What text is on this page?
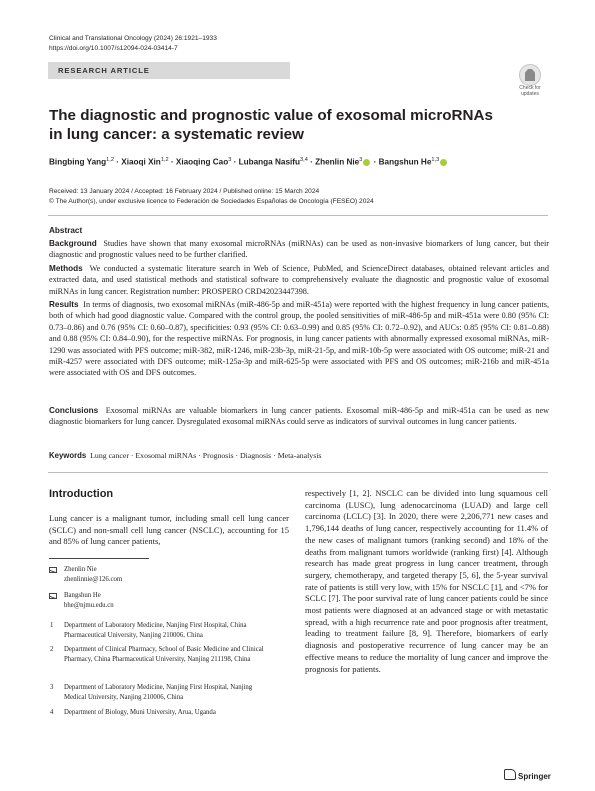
Clinical and Translational Oncology (2024) 26:1921–1933
https://doi.org/10.1007/s12094-024-03414-7
RESEARCH ARTICLE
Check for updates
The diagnostic and prognostic value of exosomal microRNAs in lung cancer: a systematic review
Bingbing Yang$^{1,2}$ · Xiaoqi Xin$^{1,2}$ · Xiaoqing Cao$^3$ · Lubanga Nasifu$^{3,4}$ · Zhenlin Nie$^3$ · Bangshun He$^{1,3}$
Received: 13 January 2024 / Accepted: 16 February 2024 / Published online: 15 March 2024
© The Author(s), under exclusive licence to Federación de Sociedades Españolas de Oncología (FESEO) 2024
Abstract
Background Studies have shown that many exosomal microRNAs (miRNAs) can be used as non-invasive biomarkers of lung cancer, but their diagnostic and prognostic values need to be further clarified.
Methods We conducted a systematic literature search in Web of Science, PubMed, and ScienceDirect databases, obtained relevant articles and extracted data, and used statistical methods and statistical software to comprehensively evaluate the diagnostic and prognostic value of exosomal miRNAs in lung cancer. Registration number: PROSPERO CRD42023447398.
Results In terms of diagnosis, two exosomal miRNAs (miR-486-5p and miR-451a) were reported with the highest frequency in lung cancer patients, both of which had good diagnostic value. Compared with the control group, the pooled sensitivities of miR-486-5p and miR-451a were 0.80 (95% CI: 0.73–0.86) and 0.76 (95% CI: 0.60–0.87), specificities: 0.93 (95% CI: 0.63–0.99) and 0.85 (95% CI: 0.72–0.92), and AUCs: 0.85 (95% CI: 0.81–0.88) and 0.88 (95% CI: 0.84–0.90), for the respective miRNAs. For prognosis, in lung cancer patients with abnormally expressed exosomal miRNAs, miR-1290 was associated with PFS outcome; miR-382, miR-1246, miR-23b-3p, miR-21-5p, and miR-10b-5p were associated with OS outcome; miR-21 and miR-4257 were associated with DFS outcome; miR-125a-3p and miR-625-5p were associated with PFS and OS outcomes; miR-216b and miR-451a were associated with OS and DFS outcomes.
Conclusions Exosomal miRNAs are valuable biomarkers in lung cancer patients. Exosomal miR-486-5p and miR-451a can be used as new diagnostic biomarkers for lung cancer. Dysregulated exosomal miRNAs could serve as indicators of survival outcomes in lung cancer patients.
Keywords Lung cancer · Exosomal miRNAs · Prognosis · Diagnosis · Meta-analysis
Introduction
Lung cancer is a malignant tumor, including small cell lung cancer (SCLC) and non-small cell lung cancer (NSCLC), accounting for 15 and 85% of lung cancer patients,
Zhenlin Nie
zhenlinnie@126.com
Bangshun He
bhe@njmu.edu.cn
1 Department of Laboratory Medicine, Nanjing First Hospital, China Pharmaceutical University, Nanjing 210006, China
2 Department of Clinical Pharmacy, School of Basic Medicine and Clinical Pharmacy, China Pharmaceutical University, Nanjing 211198, China
3 Department of Laboratory Medicine, Nanjing First Hospital, Nanjing Medical University, Nanjing 210006, China
4 Department of Biology, Muni University, Arua, Uganda
respectively [1, 2]. NSCLC can be divided into lung squamous cell carcinoma (LUSC), lung adenocarcinoma (LUAD) and large cell carcinoma (LCLC) [3]. In 2020, there were 2,206,771 new cases and 1,796,144 deaths of lung cancer, respectively accounting for 11.4% of the new cases of malignant tumors (ranking second) and 18% of the deaths from malignant tumors worldwide (ranking first) [4]. Although research has made great progress in lung cancer treatment, through surgery, chemotherapy, and targeted therapy [5, 6], the 5-year survival rate of patients is still very low, with 15% for NSCLC [1], and <7% for SCLC [7]. The poor survival rate of lung cancer patients could be since most patients were diagnosed at an advanced stage or with metastatic spread, with a high recurrence rate and poor prognosis after treatment, leading to treatment failure [8, 9]. Therefore, biomarkers of early diagnosis and postoperative recurrence of lung cancer may be an effective means to reduce the mortality of lung cancer and improve the prognosis for patients.
Springer
